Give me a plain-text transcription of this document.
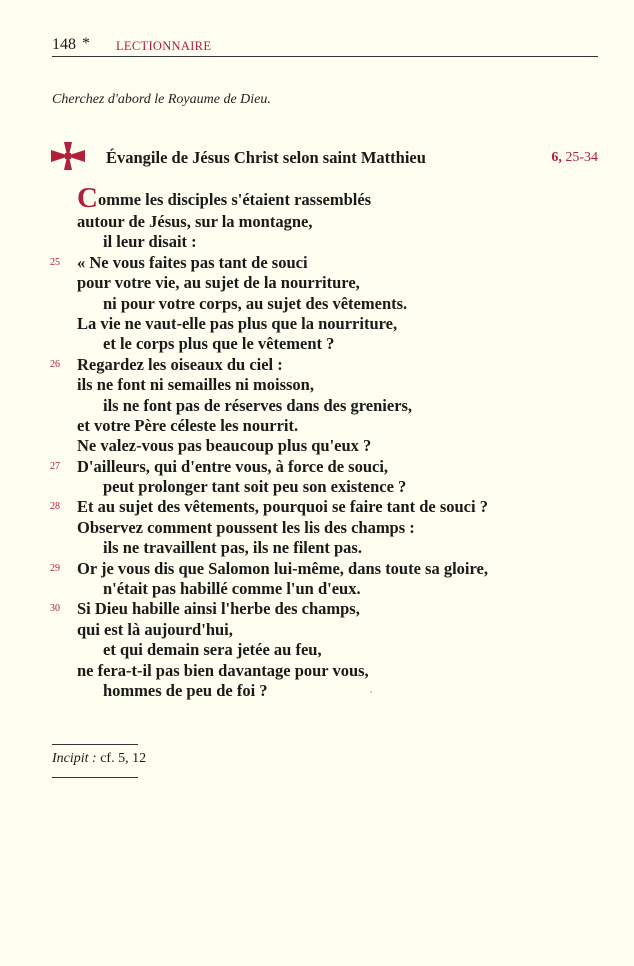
148 * LECTIONNAIRE
Cherchez d'abord le Royaume de Dieu.
Évangile de Jésus Christ selon saint Matthieu	6, 25-34
Comme les disciples s'étaient rassemblés
autour de Jésus, sur la montagne,
il leur disait :
25 « Ne vous faites pas tant de souci
pour votre vie, au sujet de la nourriture,
ni pour votre corps, au sujet des vêtements.
La vie ne vaut-elle pas plus que la nourriture,
et le corps plus que le vêtement ?
26 Regardez les oiseaux du ciel :
ils ne font ni semailles ni moisson,
ils ne font pas de réserves dans des greniers,
et votre Père céleste les nourrit.
Ne valez-vous pas beaucoup plus qu'eux ?
27 D'ailleurs, qui d'entre vous, à force de souci,
peut prolonger tant soit peu son existence ?
28 Et au sujet des vêtements, pourquoi se faire tant de souci ?
Observez comment poussent les lis des champs :
ils ne travaillent pas, ils ne filent pas.
29 Or je vous dis que Salomon lui-même, dans toute sa gloire,
n'était pas habillé comme l'un d'eux.
30 Si Dieu habille ainsi l'herbe des champs,
qui est là aujourd'hui,
et qui demain sera jetée au feu,
ne fera-t-il pas bien davantage pour vous,
hommes de peu de foi ?
Incipit : cf. 5, 12
